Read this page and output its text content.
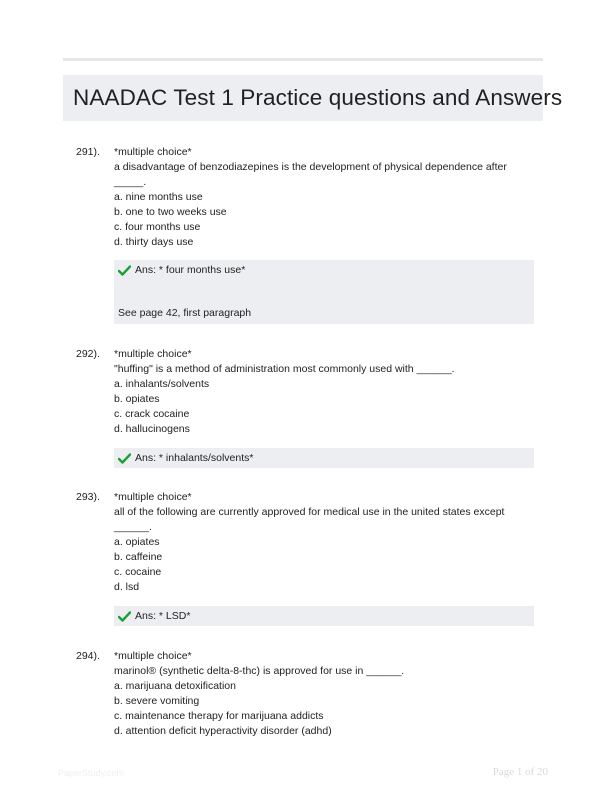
NAADAC Test 1 Practice questions and Answers
291). *multiple choice*

a disadvantage of benzodiazepines is the development of physical dependence after _____.

a. nine months use

b. one to two weeks use

c. four months use

d. thirty days use

Ans: * four months use*
See page 42, first paragraph
292). *multiple choice*

"huffing" is a method of administration most commonly used with ______.

a. inhalants/solvents

b. opiates

c. crack cocaine

d. hallucinogens

Ans: * inhalants/solvents*
293). *multiple choice*

all of the following are currently approved for medical use in the united states except ______.

a. opiates

b. caffeine

c. cocaine

d. lsd

Ans: * LSD*
294). *multiple choice*

marinol® (synthetic delta-8-thc) is approved for use in ______.

a. marijuana detoxification

b. severe vomiting

c. maintenance therapy for marijuana addicts

d. attention deficit hyperactivity disorder (adhd)

PaperStudy.com	Page 1 of 20
